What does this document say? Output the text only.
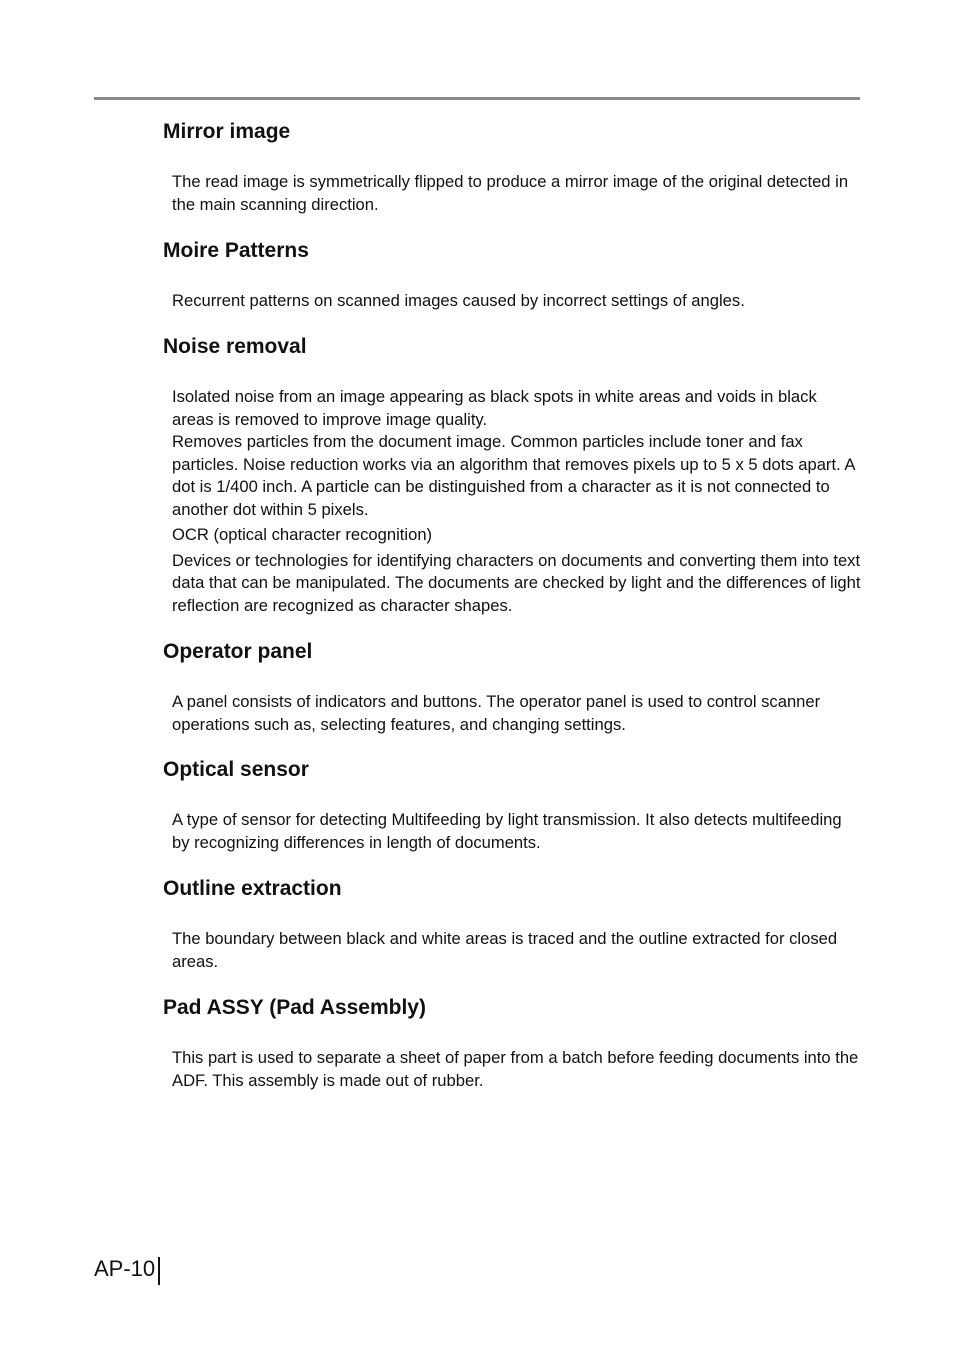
Mirror image

The read image is symmetrically flipped to produce a mirror image of the original detected in the main scanning direction.

Moire Patterns

Recurrent patterns on scanned images caused by incorrect settings of angles.

Noise removal

Isolated noise from an image appearing as black spots in white areas and voids in black areas is removed to improve image quality.

Removes particles from the document image. Common particles include toner and fax particles. Noise reduction works via an algorithm that removes pixels up to 5 x 5 dots apart. A dot is 1/400 inch. A particle can be distinguished from a character as it is not connected to another dot within 5 pixels.

OCR (optical character recognition)

Devices or technologies for identifying characters on documents and converting them into text data that can be manipulated. The documents are checked by light and the differences of light reflection are recognized as character shapes.

Operator panel

A panel consists of indicators and buttons. The operator panel is used to control scanner operations such as, selecting features, and changing settings.

Optical sensor

A type of sensor for detecting Multifeeding by light transmission. It also detects multifeeding by recognizing differences in length of documents.

Outline extraction

The boundary between black and white areas is traced and the outline extracted for closed areas.

Pad ASSY (Pad Assembly)

This part is used to separate a sheet of paper from a batch before feeding documents into the ADF. This assembly is made out of rubber.

AP-10
